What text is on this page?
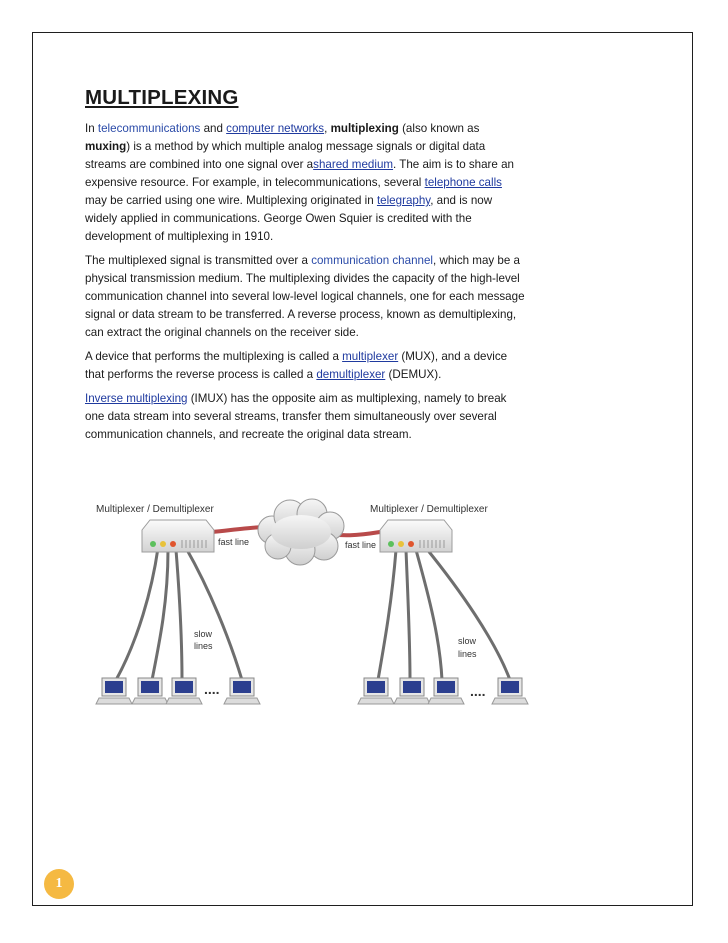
MULTIPLEXING

In telecommunications and computer networks, multiplexing (also known as muxing) is a method by which multiple analog message signals or digital data streams are combined into one signal over ashared medium. The aim is to share an expensive resource. For example, in telecommunications, several telephone calls may be carried using one wire. Multiplexing originated in telegraphy, and is now widely applied in communications. George Owen Squier is credited with the development of multiplexing in 1910.

The multiplexed signal is transmitted over a communication channel, which may be a physical transmission medium. The multiplexing divides the capacity of the high-level communication channel into several low-level logical channels, one for each message signal or data stream to be transferred. A reverse process, known as demultiplexing, can extract the original channels on the receiver side.

A device that performs the multiplexing is called a multiplexer (MUX), and a device that performs the reverse process is called a demultiplexer (DEMUX).

Inverse multiplexing (IMUX) has the opposite aim as multiplexing, namely to break one data stream into several streams, transfer them simultaneously over several communication channels, and recreate the original data stream.

Multiplexer / Demultiplexer	Multiplexer / Demultiplexer
fast line	fast line
slow
lines	slow
lines
....	....
1
